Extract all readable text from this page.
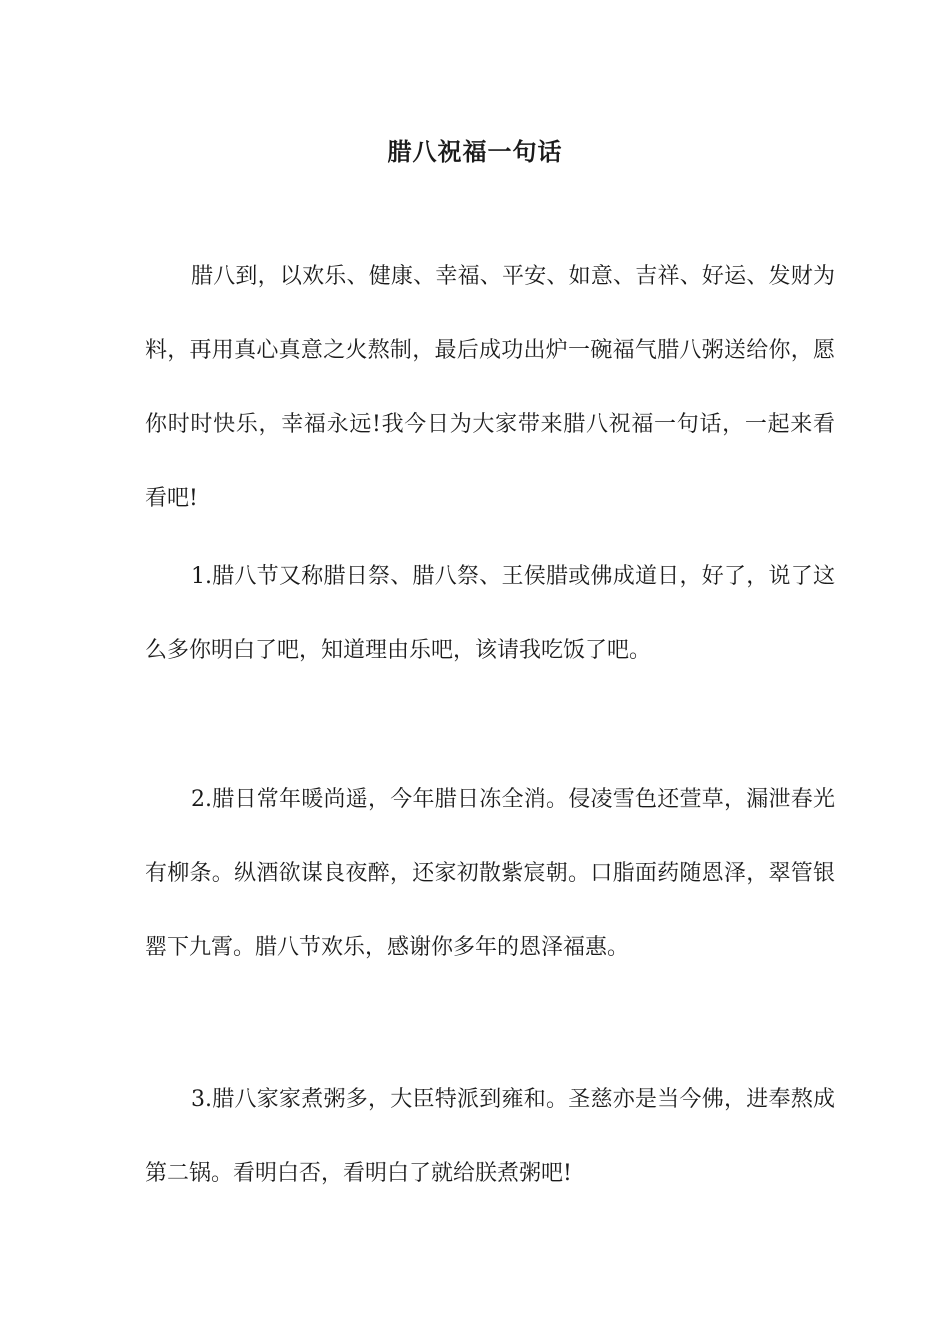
腊八祝福一句话

腊八到，以欢乐、健康、幸福、平安、如意、吉祥、好运、发财为料，再用真心真意之火熬制，最后成功出炉一碗福气腊八粥送给你，愿你时时快乐，幸福永远!我今日为大家带来腊八祝福一句话，一起来看看吧!

1.腊八节又称腊日祭、腊八祭、王侯腊或佛成道日，好了，说了这么多你明白了吧，知道理由乐吧，该请我吃饭了吧。

2.腊日常年暖尚遥，今年腊日冻全消。侵凌雪色还萱草，漏泄春光有柳条。纵酒欲谋良夜醉，还家初散紫宸朝。口脂面药随恩泽，翠管银罂下九霄。腊八节欢乐，感谢你多年的恩泽福惠。

3.腊八家家煮粥多，大臣特派到雍和。圣慈亦是当今佛，进奉熬成第二锅。看明白否，看明白了就给朕煮粥吧!
